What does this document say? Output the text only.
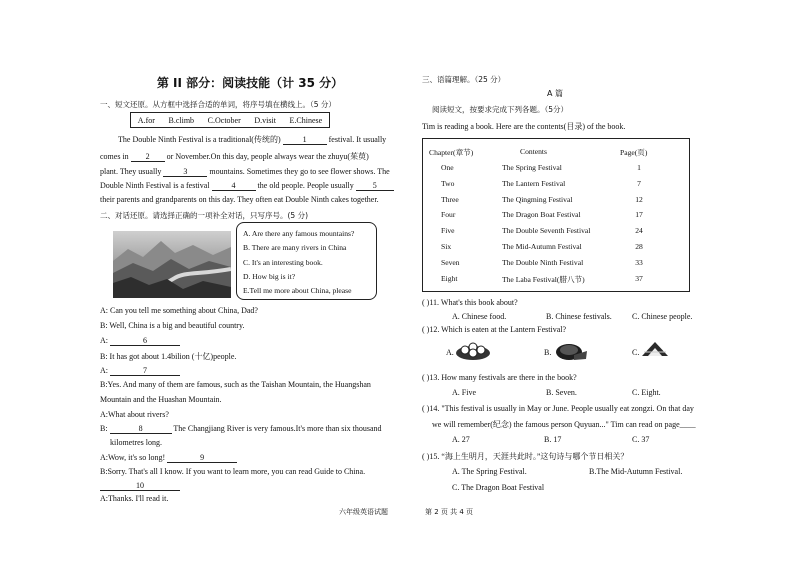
第 II 部分：阅读技能（计 35 分）
一、短文还原。从方框中选择合适的单词，将序号填在横线上。（5 分）
A.for B.climb C.October D.visit E.Chinese
The Double Ninth Festival is a traditional(传统的)	1	festival. It usually
comes in 2 or November.On this day, people always wear the zhuyu(茱萸)
plant. They usually	3	mountains. Sometimes they go to see flower shows. The
Double Ninth Festival is a festival	4	the old people. People usually 5
their parents and grandparents on this day. They often eat Double Ninth cakes together.
二、对话还原。请选择正确的一项补全对话，只写序号。(5 分)
A. Are there any famous mountains?
B. There are many rivers in China
C. It's an interesting book.
D. How big is it?
E.Tell me more about China, please
A: Can you tell me something about China, Dad?
B: Well, China is a big and beautiful country.
A:	6
B: It has got about 1.4bilion (十亿)people.
A:	7
B:Yes. And many of them are famous, such as the Taishan Mountain, the Huangshan
Mountain and the Huashan Mountain.
A:What about rivers?
B:	8	The Changjiang River is very famous.It's more than six thousand
kilometres long.
A:Wow, it's so long!	9
B:Sorry. That's all I know. If you want to learn more, you can read Guide to China.
10
A:Thanks. I'll read it.
三、语篇理解。（25 分）
A 篇
阅读短文，按要求完成下列各题。（5分）
Tim is reading a book. Here are the contents(目录) of the book.
Chapter(章节)	Contents	Page(页)
One	The Spring Festival	1
Two	The Lantern Festival	7
Three	The Qingming Festival	12
Four	The Dragon Boat Festival	17
Five	The Double Seventh Festival	24
Six	The Mid-Autumn Festival	28
Seven	The Double Ninth Festival	33
Eight	The Laba Festival(腊八节)	37
( )11. What's this book about?
A. Chinese food.	B. Chinese festivals.	C. Chinese people.
( )12. Which is eaten at the Lantern Festival?
A.	B.	C.
( )13. How many festivals are there in the book?
A. Five	B. Seven.	C. Eight.
( )14. "This festival is usually in May or June. People usually eat zongzi. On that day
we will remember(纪念) the famous person Quyuan..." Tim can read on page____
A. 27	B. 17	C. 37
( )15. “海上生明月，天涯共此时。”这句诗与哪个节日相关？
A. The Spring Festival.	B.The Mid-Autumn Festival.
C. The Dragon Boat Festival
六年级英语试题	第 2 页 共 4 页
